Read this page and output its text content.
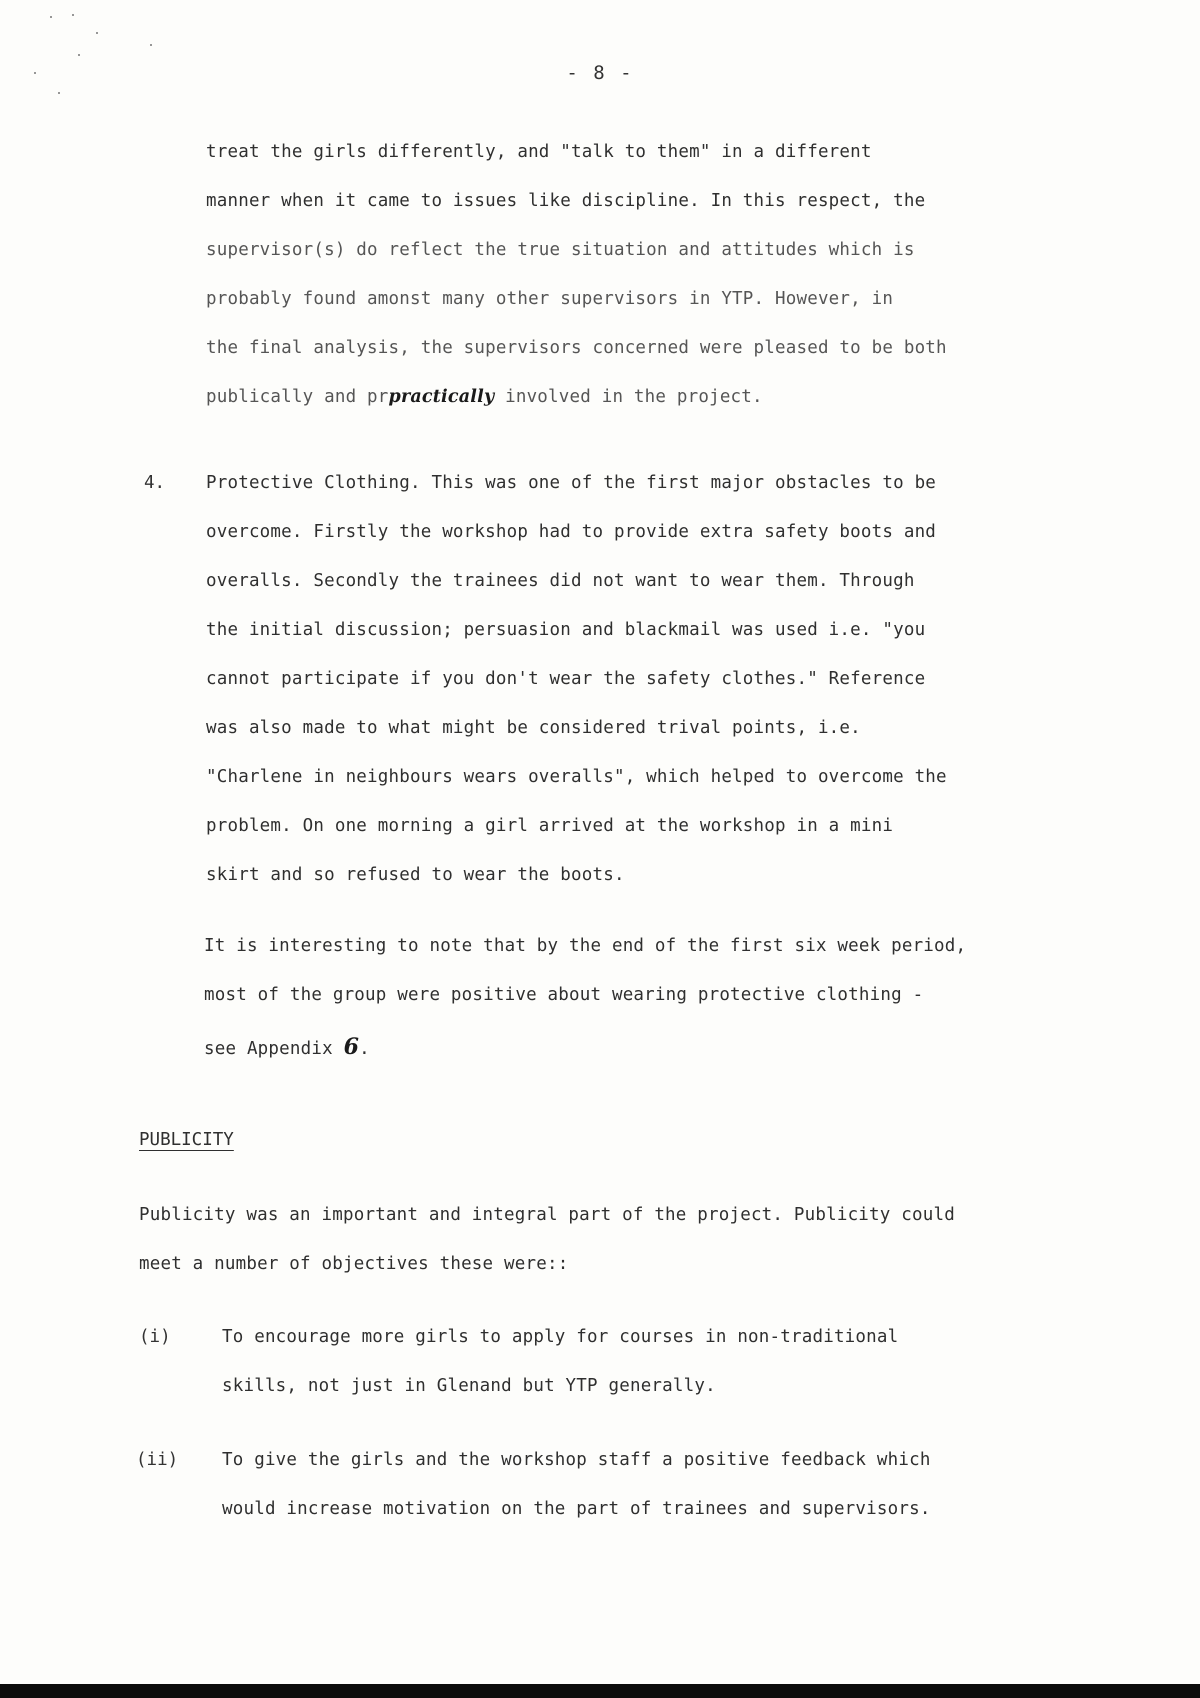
- 8 -
treat the girls differently, and "talk to them" in a different
manner when it came to issues like discipline. In this respect, the
supervisor(s) do reflect the true situation and attitudes which is
probably found amonst many other supervisors in YTP. However, in
the final analysis, the supervisors concerned were pleased to be both
publically and prpractically involved in the project.
4. Protective Clothing. This was one of the first major obstacles to be
overcome. Firstly the workshop had to provide extra safety boots and
overalls. Secondly the trainees did not want to wear them. Through
the initial discussion; persuasion and blackmail was used i.e. "you
cannot participate if you don't wear the safety clothes." Reference
was also made to what might be considered trival points, i.e.
"Charlene in neighbours wears overalls", which helped to overcome the
problem. On one morning a girl arrived at the workshop in a mini
skirt and so refused to wear the boots.
It is interesting to note that by the end of the first six week period,
most of the group were positive about wearing protective clothing -
see Appendix 6.
PUBLICITY
Publicity was an important and integral part of the project. Publicity could
meet a number of objectives these were::
(i)	To encourage more girls to apply for courses in non-traditional
skills, not just in Glenand but YTP generally.
(ii)	To give the girls and the workshop staff a positive feedback which
would increase motivation on the part of trainees and supervisors.
